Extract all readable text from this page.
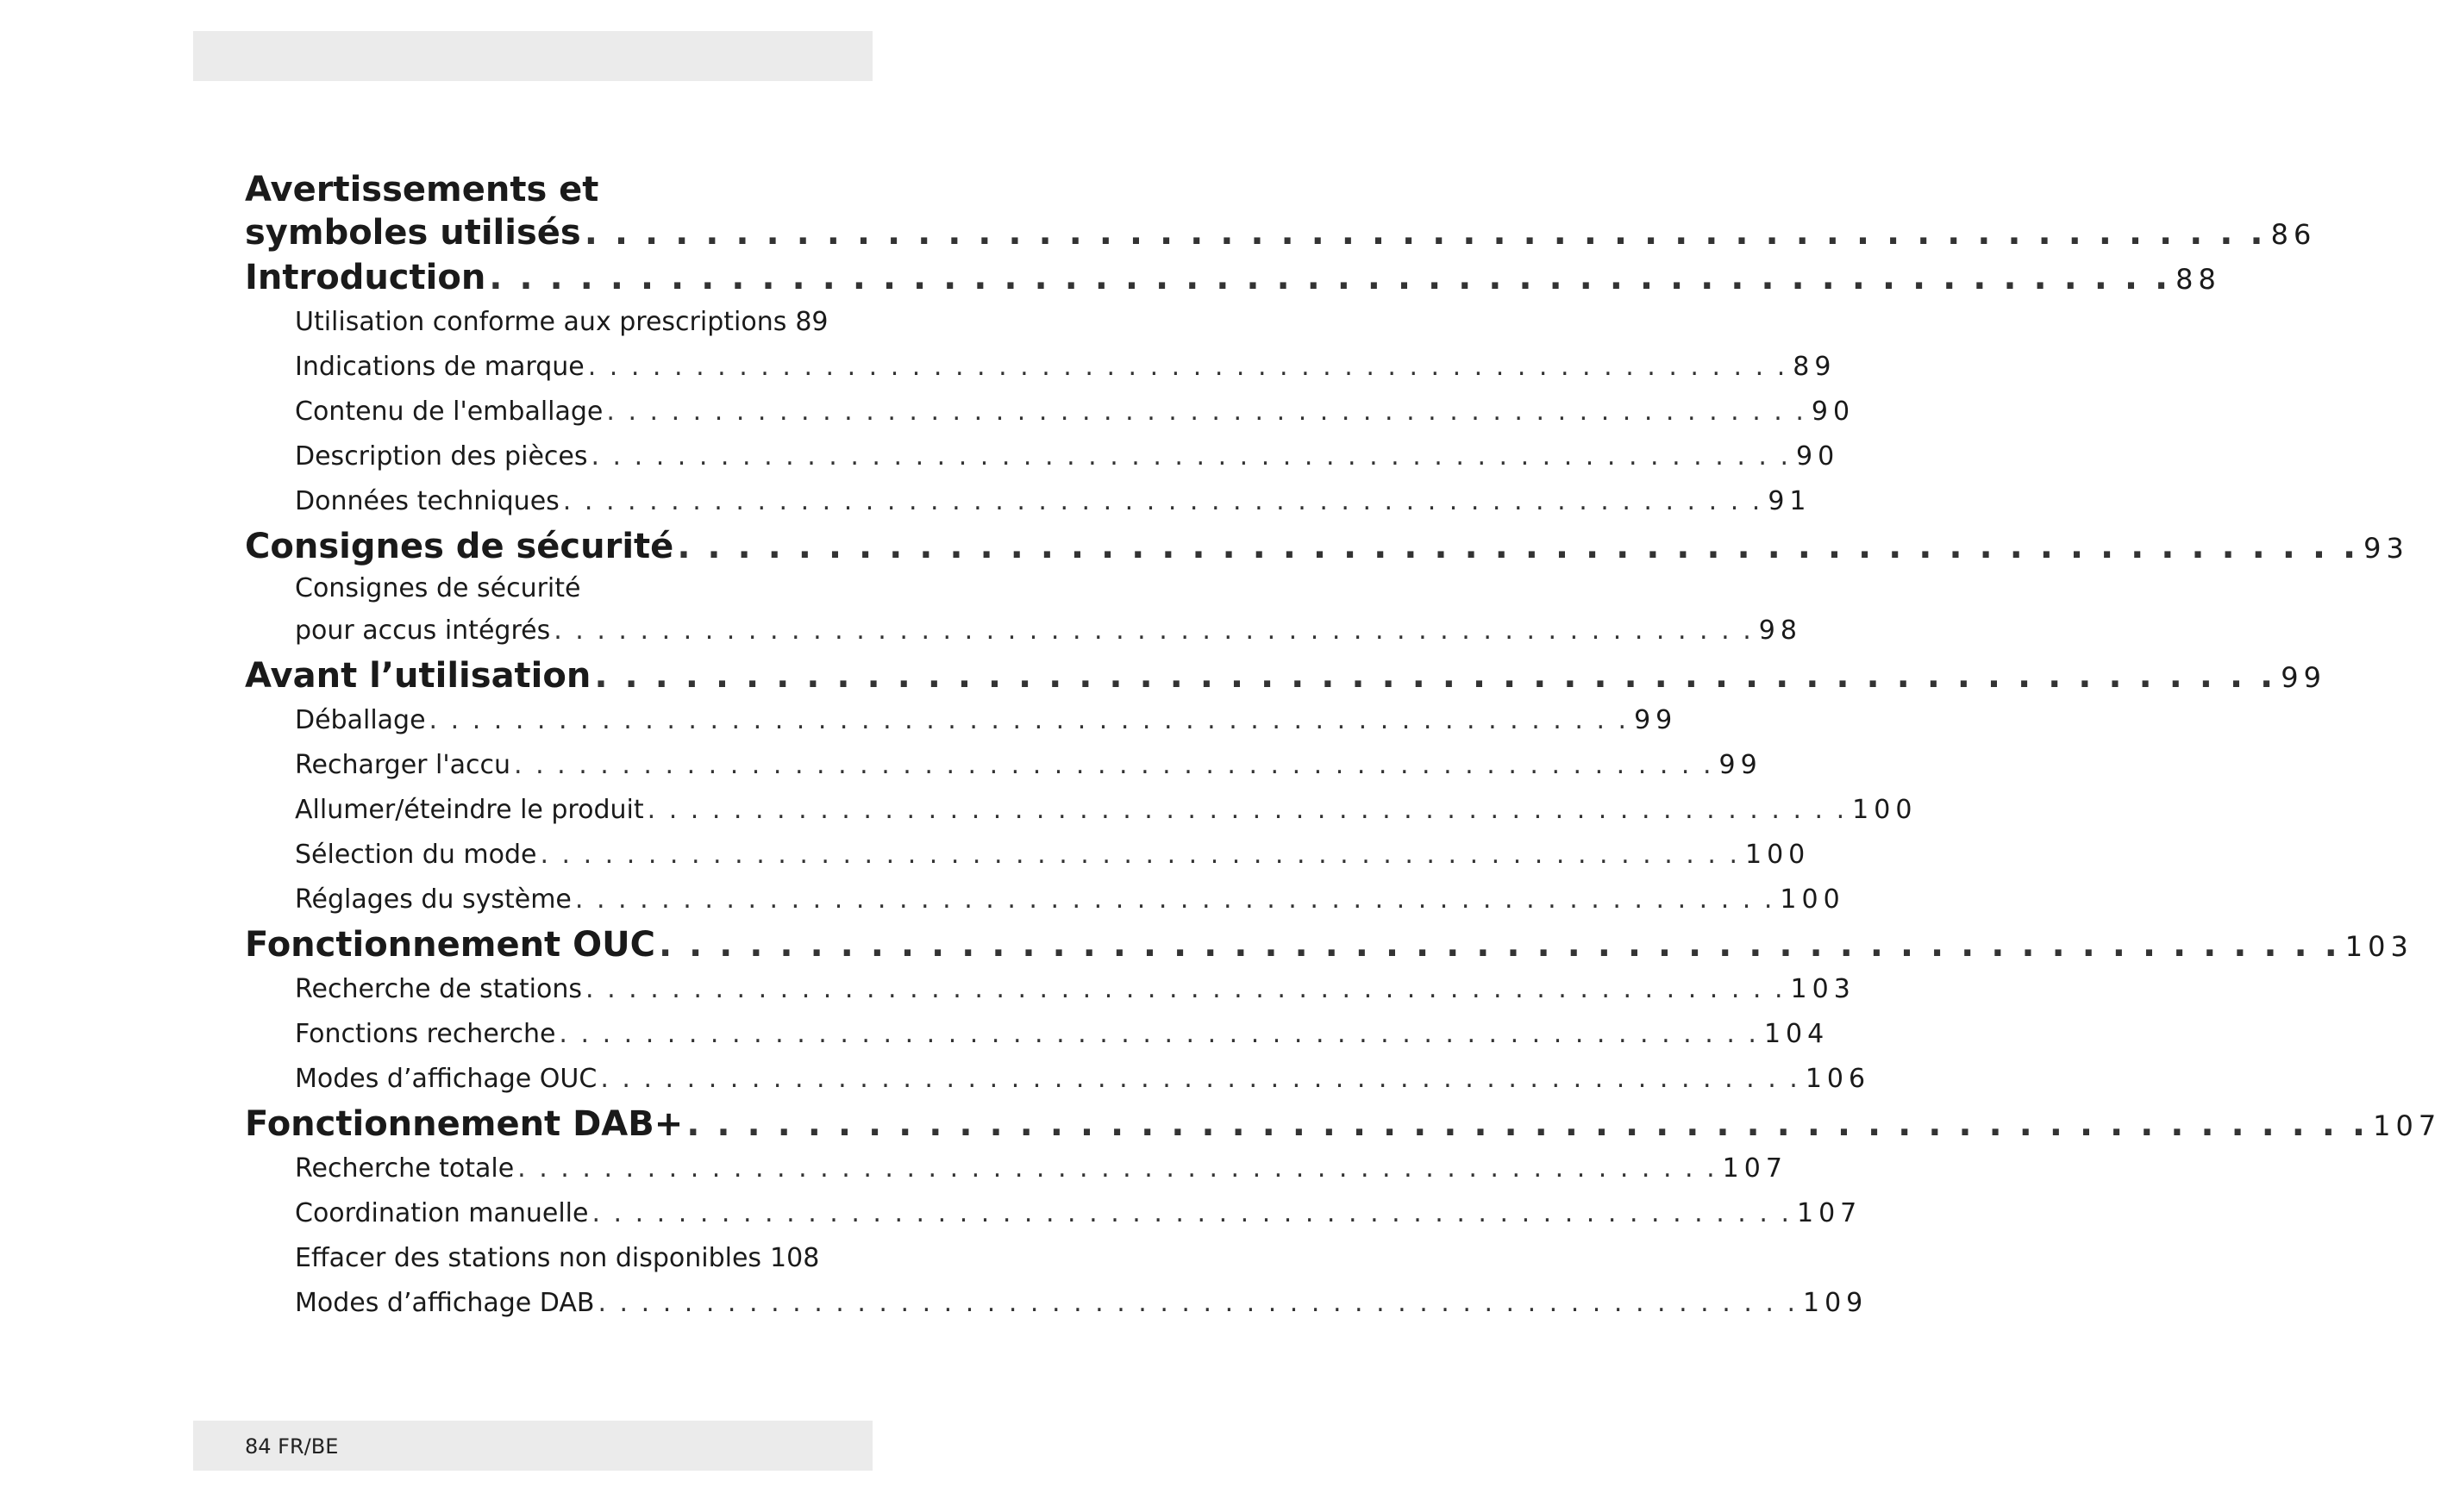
Avertissements et
symboles utilisés . . .	86
Introduction . . .	88
Utilisation conforme aux prescriptions 89
Indications de marque . . .	89
Contenu de l'emballage . . .	90
Description des pièces . . .	90
Données techniques . . .	91
Consignes de sécurité . . .	93
Consignes de sécurité
pour accus intégrés . . .	98
Avant l’utilisation . . .	99
Déballage . . .	99
Recharger l'accu . . .	99
Allumer/éteindre le produit . . .	100
Sélection du mode . . .	100
Réglages du système . . .	100
Fonctionnement OUC . . .	103
Recherche de stations . . .	103
Fonctions recherche . . .	104
Modes d’affichage OUC . . .	106
Fonctionnement DAB+ . . .	107
Recherche totale . . .	107
Coordination manuelle . . .	107
Effacer des stations non disponibles 108
Modes d’affichage DAB . . .	109
84 FR/BE
